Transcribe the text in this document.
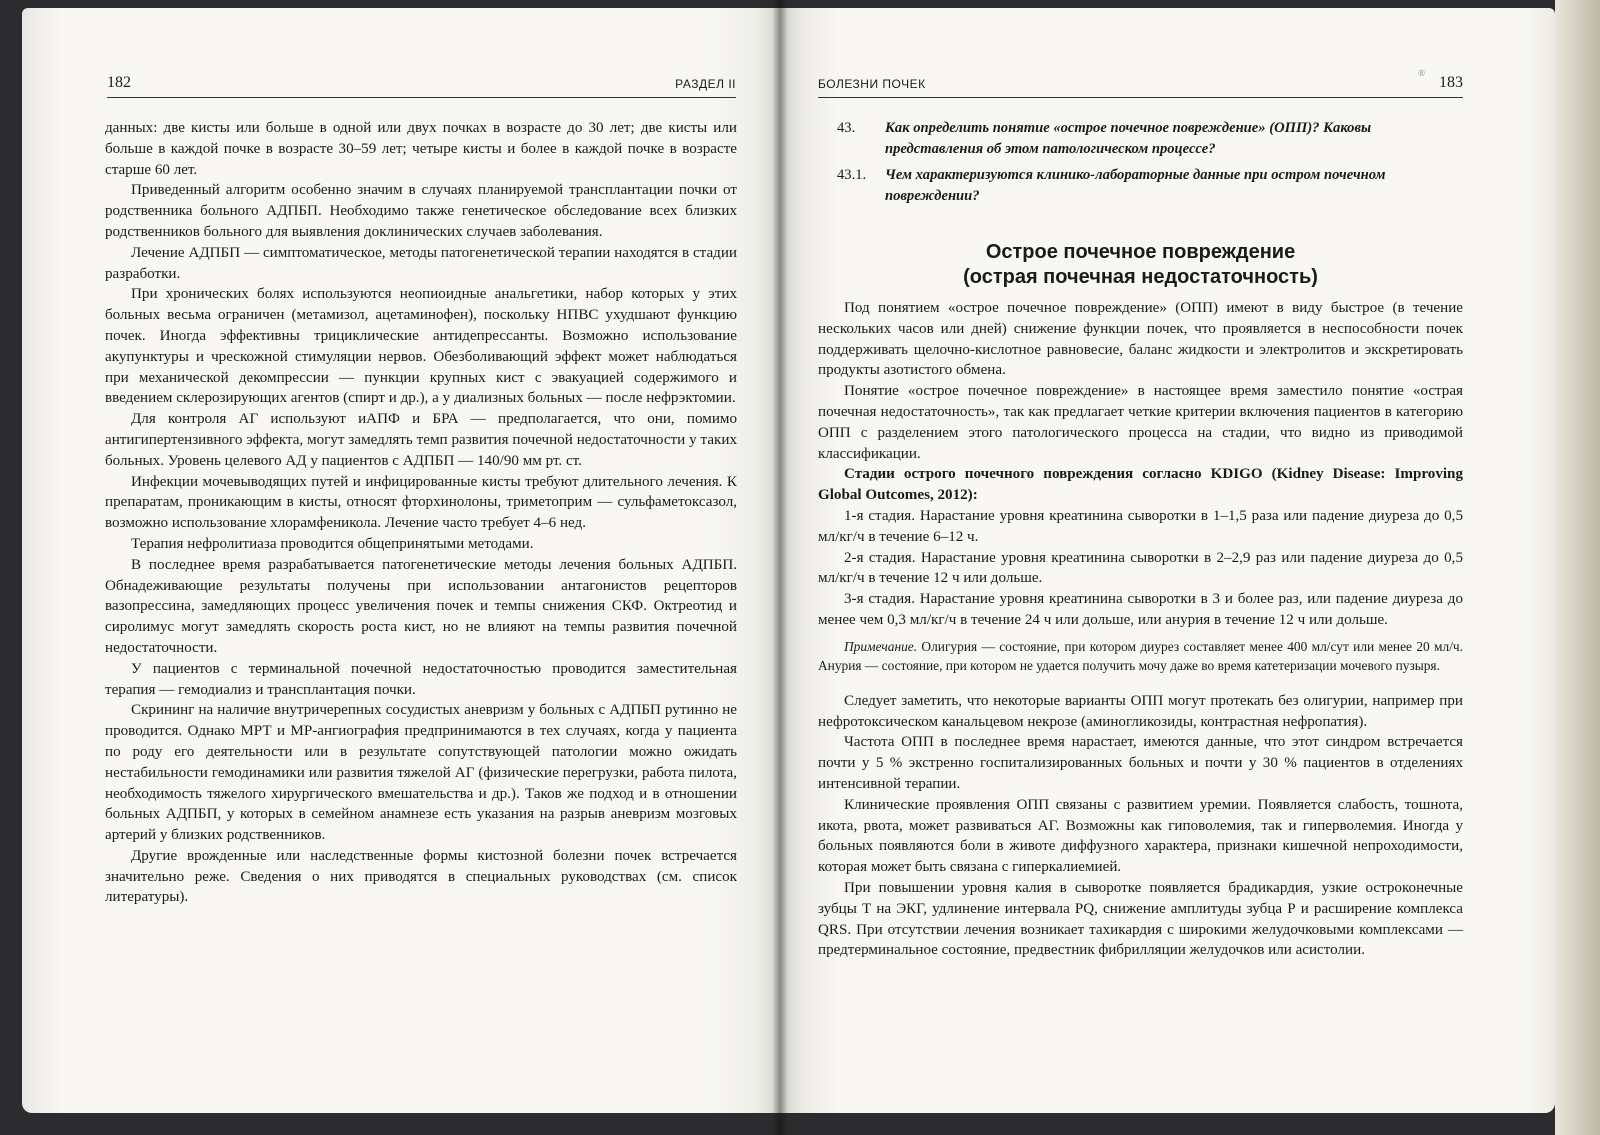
182	РАЗДЕЛ II

данных: две кисты или больше в одной или двух почках в возрасте до 30 лет; две кисты или больше в каждой почке в возрасте 30–59 лет; четыре кисты и более в каждой почке в возрасте старше 60 лет.

Приведенный алгоритм особенно значим в случаях планируемой трансплантации почки от родственника больного АДПБП. Необходимо также генетическое обследование всех близких родственников больного для выявления доклинических случаев заболевания.

Лечение АДПБП — симптоматическое, методы патогенетической терапии находятся в стадии разработки.

При хронических болях используются неопиоидные анальгетики, набор которых у этих больных весьма ограничен (метамизол, ацетаминофен), поскольку НПВС ухудшают функцию почек. Иногда эффективны трициклические антидепрессанты. Возможно использование акупунктуры и чрескожной стимуляции нервов. Обезболивающий эффект может наблюдаться при механической декомпрессии — пункции крупных кист с эвакуацией содержимого и введением склерозирующих агентов (спирт и др.), а у диализных больных — после нефрэктомии.

Для контроля АГ используют иАПФ и БРА — предполагается, что они, помимо антигипертензивного эффекта, могут замедлять темп развития почечной недостаточности у таких больных. Уровень целевого АД у пациентов с АДПБП — 140/90 мм рт. ст.

Инфекции мочевыводящих путей и инфицированные кисты требуют длительного лечения. К препаратам, проникающим в кисты, относят фторхинолоны, триметоприм — сульфаметоксазол, возможно использование хлорамфеникола. Лечение часто требует 4–6 нед.

Терапия нефролитиаза проводится общепринятыми методами.

В последнее время разрабатывается патогенетические методы лечения больных АДПБП. Обнадеживающие результаты получены при использовании антагонистов рецепторов вазопрессина, замедляющих процесс увеличения почек и темпы снижения СКФ. Октреотид и сиролимус могут замедлять скорость роста кист, но не влияют на темпы развития почечной недостаточности.

У пациентов с терминальной почечной недостаточностью проводится заместительная терапия — гемодиализ и трансплантация почки.

Скрининг на наличие внутричерепных сосудистых аневризм у больных с АДПБП рутинно не проводится. Однако МРТ и МР-ангиография предпринимаются в тех случаях, когда у пациента по роду его деятельности или в результате сопутствующей патологии можно ожидать нестабильности гемодинамики или развития тяжелой АГ (физические перегрузки, работа пилота, необходимость тяжелого хирургического вмешательства и др.). Таков же подход и в отношении больных АДПБП, у которых в семейном анамнезе есть указания на разрыв аневризм мозговых артерий у близких родственников.

Другие врожденные или наследственные формы кистозной болезни почек встречается значительно реже. Сведения о них приводятся в специальных руководствах (см. список литературы).

БОЛЕЗНИ ПОЧЕК
®
183
43.	Как определить понятие «острое почечное повреждение» (ОПП)? Каковы представления об этом патологическом процессе?
43.1.	Чем характеризуются клинико-лабораторные данные при остром почечном повреждении?
Острое почечное повреждение
(острая почечная недостаточность)

Под понятием «острое почечное повреждение» (ОПП) имеют в виду быстрое (в течение нескольких часов или дней) снижение функции почек, что проявляется в неспособности почек поддерживать щелочно-кислотное равновесие, баланс жидкости и электролитов и экскретировать продукты азотистого обмена.

Понятие «острое почечное повреждение» в настоящее время заместило понятие «острая почечная недостаточность», так как предлагает четкие критерии включения пациентов в категорию ОПП с разделением этого патологического процесса на стадии, что видно из приводимой классификации.

Стадии острого почечного повреждения согласно KDIGO (Kidney Disease: Improving Global Outcomes, 2012):

1-я стадия. Нарастание уровня креатинина сыворотки в 1–1,5 раза или падение диуреза до 0,5 мл/кг/ч в течение 6–12 ч.

2-я стадия. Нарастание уровня креатинина сыворотки в 2–2,9 раз или падение диуреза до 0,5 мл/кг/ч в течение 12 ч или дольше.

3-я стадия. Нарастание уровня креатинина сыворотки в 3 и более раз, или падение диуреза до менее чем 0,3 мл/кг/ч в течение 24 ч или дольше, или анурия в течение 12 ч или дольше.

Примечание. Олигурия — состояние, при котором диурез составляет менее 400 мл/сут или менее 20 мл/ч. Анурия — состояние, при котором не удается получить мочу даже во время катетеризации мочевого пузыря.

Следует заметить, что некоторые варианты ОПП могут протекать без олигурии, например при нефротоксическом канальцевом некрозе (аминогликозиды, контрастная нефропатия).

Частота ОПП в последнее время нарастает, имеются данные, что этот синдром встречается почти у 5 % экстренно госпитализированных больных и почти у 30 % пациентов в отделениях интенсивной терапии.

Клинические проявления ОПП связаны с развитием уремии. Появляется слабость, тошнота, икота, рвота, может развиваться АГ. Возможны как гиповолемия, так и гиперволемия. Иногда у больных появляются боли в животе диффузного характера, признаки кишечной непроходимости, которая может быть связана с гиперкалиемией.

При повышении уровня калия в сыворотке появляется брадикардия, узкие остроконечные зубцы Т на ЭКГ, удлинение интервала PQ, снижение амплитуды зубца Р и расширение комплекса QRS. При отсутствии лечения возникает тахикардия с широкими желудочковыми комплексами — предтерминальное состояние, предвестник фибрилляции желудочков или асистолии.
